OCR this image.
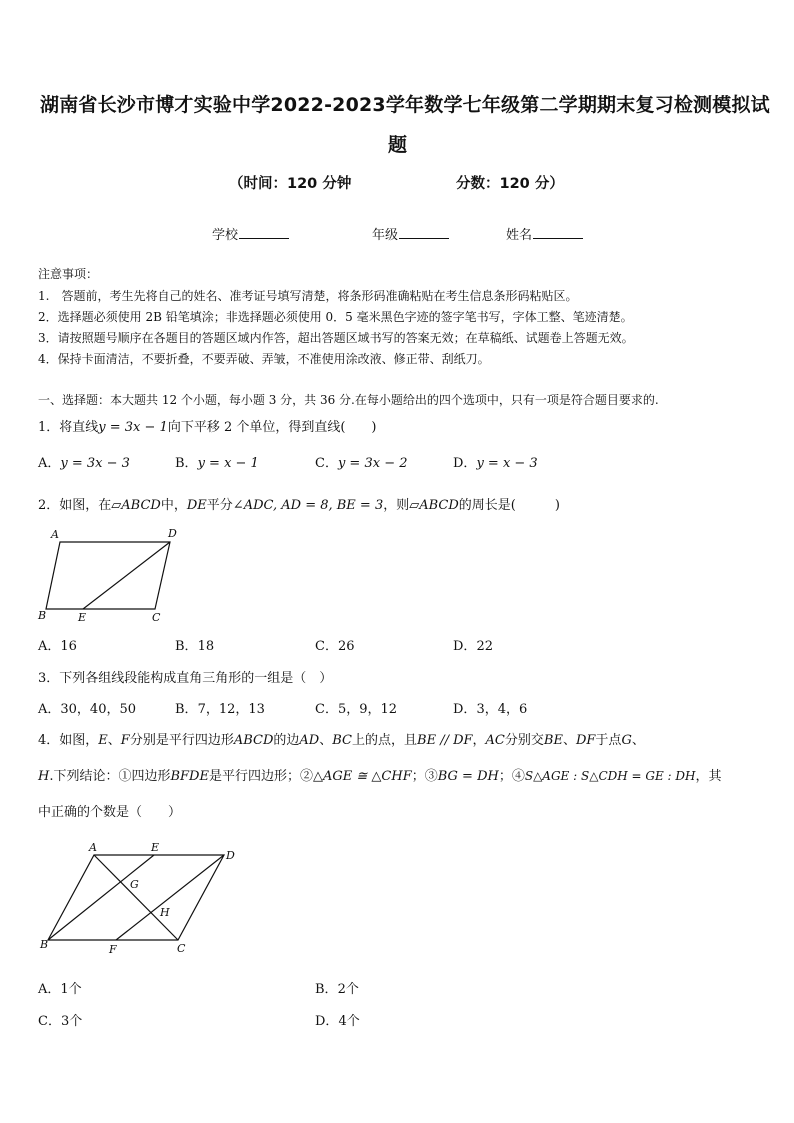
湖南省长沙市博才实验中学2022-2023学年数学七年级第二学期期末复习检测模拟试
题
（时间：120 分钟	分数：120 分）
学校	年级	姓名
注意事项：
1.　答题前，考生先将自己的姓名、准考证号填写清楚，将条形码准确粘贴在考生信息条形码粘贴区。
2．选择题必须使用 2B 铅笔填涂；非选择题必须使用 0．5 毫米黑色字迹的签字笔书写，字体工整、笔迹清楚。
3．请按照题号顺序在各题目的答题区域内作答，超出答题区域书写的答案无效；在草稿纸、试题卷上答题无效。
4．保持卡面清洁，不要折叠，不要弄破、弄皱，不准使用涂改液、修正带、刮纸刀。
一、选择题：本大题共 12 个小题，每小题 3 分，共 36 分.在每小题给出的四个选项中，只有一项是符合题目要求的.
1．将直线y = 3x − 1向下平移 2 个单位，得到直线(　　)
A．y = 3x − 3	B．y = x − 1	C．y = 3x − 2	D．y = x − 3
2．如图，在▱ABCD中，DE平分∠ADC, AD = 8, BE = 3，则▱ABCD的周长是(　　　)
A	D
B	E	C
A．16	B．18	C．26	D．22
3．下列各组线段能构成直角三角形的一组是（　）
A．30，40，50	B．7，12，13	C．5，9，12	D．3，4，6
4．如图，E、F分别是平行四边形ABCD的边AD、BC上的点，且BE // DF，AC分别交BE、DF于点G、
H.下列结论：①四边形BFDE是平行四边形；②△AGE ≅ △CHF；③BG = DH；④S△AGE : S△CDH = GE : DH，其
中正确的个数是（　　）
A	E
D
G
H
B	F	C
A．1个	B．2个
C．3个	D．4个
